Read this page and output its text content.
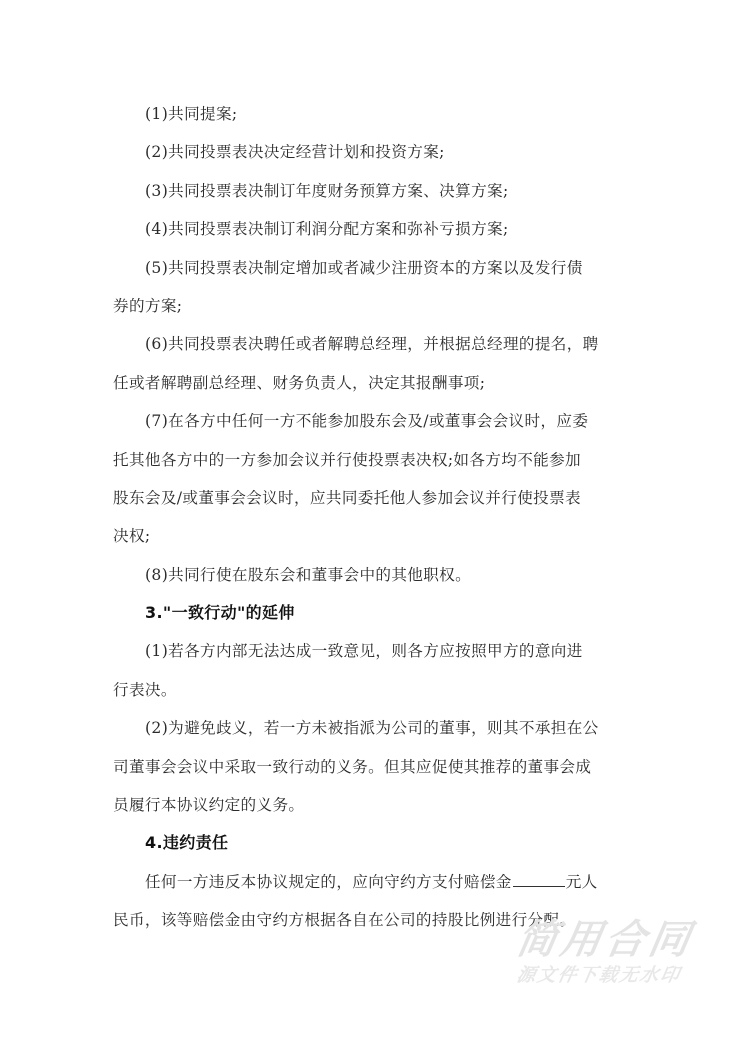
(1)共同提案;
(2)共同投票表决决定经营计划和投资方案;
(3)共同投票表决制订年度财务预算方案、决算方案;
(4)共同投票表决制订利润分配方案和弥补亏损方案;
(5)共同投票表决制定增加或者减少注册资本的方案以及发行债
券的方案;
(6)共同投票表决聘任或者解聘总经理，并根据总经理的提名，聘
任或者解聘副总经理、财务负责人，决定其报酬事项;
(7)在各方中任何一方不能参加股东会及/或董事会会议时，应委
托其他各方中的一方参加会议并行使投票表决权;如各方均不能参加
股东会及/或董事会会议时，应共同委托他人参加会议并行使投票表
决权;
(8)共同行使在股东会和董事会中的其他职权。
3."一致行动"的延伸
(1)若各方内部无法达成一致意见，则各方应按照甲方的意向进
行表决。
(2)为避免歧义，若一方未被指派为公司的董事，则其不承担在公
司董事会会议中采取一致行动的义务。但其应促使其推荐的董事会成
员履行本协议约定的义务。
4.违约责任
任何一方违反本协议规定的，应向守约方支付赔偿金	元人
民币，该等赔偿金由守约方根据各自在公司的持股比例进行分配。
简用合同
源文件下载无水印
